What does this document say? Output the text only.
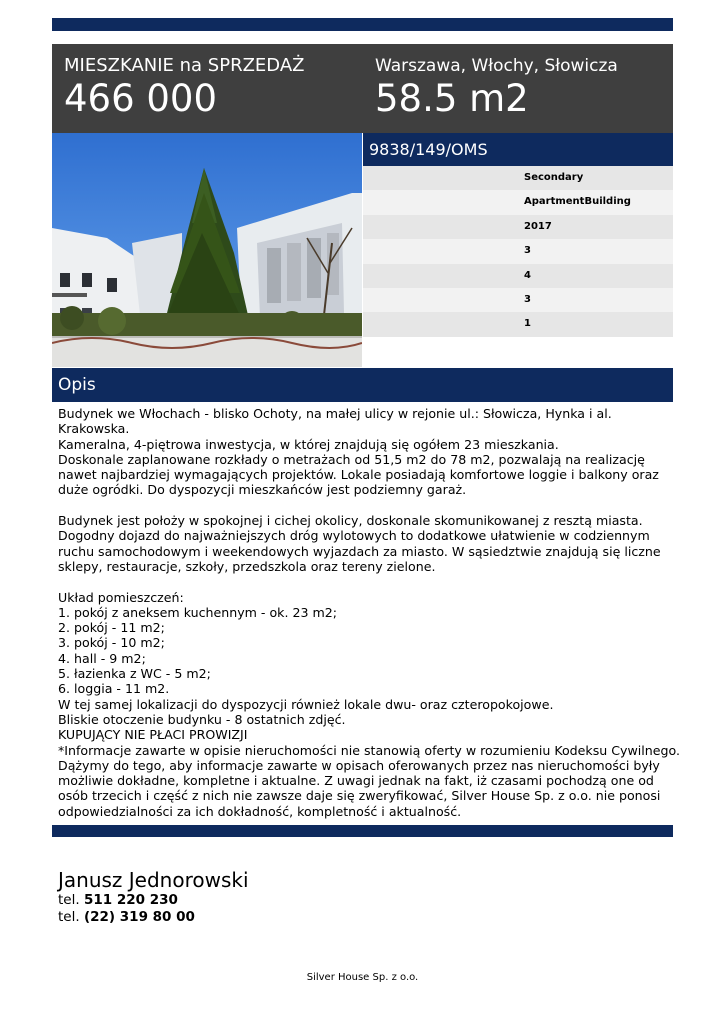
MIESZKANIE na SPRZEDAŻ
466 000
Warszawa, Włochy, Słowicza
58.5 m2
9838/149/OMS
Secondary
ApartmentBuilding
2017
3
4
3
1
Opis
Budynek we Włochach - blisko Ochoty, na małej ulicy w rejonie ul.: Słowicza, Hynka i al.
Krakowska.
Kameralna, 4-piętrowa inwestycja, w której znajdują się ogółem 23 mieszkania.
Doskonale zaplanowane rozkłady o metrażach od 51,5 m2 do 78 m2, pozwalają na realizację
nawet najbardziej wymagających projektów. Lokale posiadają komfortowe loggie i balkony oraz
duże ogródki. Do dyspozycji mieszkańców jest podziemny garaż.
Budynek jest położy w spokojnej i cichej okolicy, doskonale skomunikowanej z resztą miasta.
Dogodny dojazd do najważniejszych dróg wylotowych to dodatkowe ułatwienie w codziennym
ruchu samochodowym i weekendowych wyjazdach za miasto. W sąsiedztwie znajdują się liczne
sklepy, restauracje, szkoły, przedszkola oraz tereny zielone.
Układ pomieszczeń:
1. pokój z aneksem kuchennym - ok. 23 m2;
2. pokój - 11 m2;
3. pokój - 10 m2;
4. hall - 9 m2;
5. łazienka z WC - 5 m2;
6. loggia - 11 m2.
W tej samej lokalizacji do dyspozycji również lokale dwu- oraz czteropokojowe.
Bliskie otoczenie budynku - 8 ostatnich zdjęć.
KUPUJĄCY NIE PŁACI PROWIZJI
*Informacje zawarte w opisie nieruchomości nie stanowią oferty w rozumieniu Kodeksu Cywilnego.
Dążymy do tego, aby informacje zawarte w opisach oferowanych przez nas nieruchomości były
możliwie dokładne, kompletne i aktualne. Z uwagi jednak na fakt, iż czasami pochodzą one od
osób trzecich i część z nich nie zawsze daje się zweryfikować, Silver House Sp. z o.o. nie ponosi
odpowiedzialności za ich dokładność, kompletność i aktualność.
Janusz Jednorowski
tel. 511 220 230
tel. (22) 319 80 00
Silver House Sp. z o.o.
